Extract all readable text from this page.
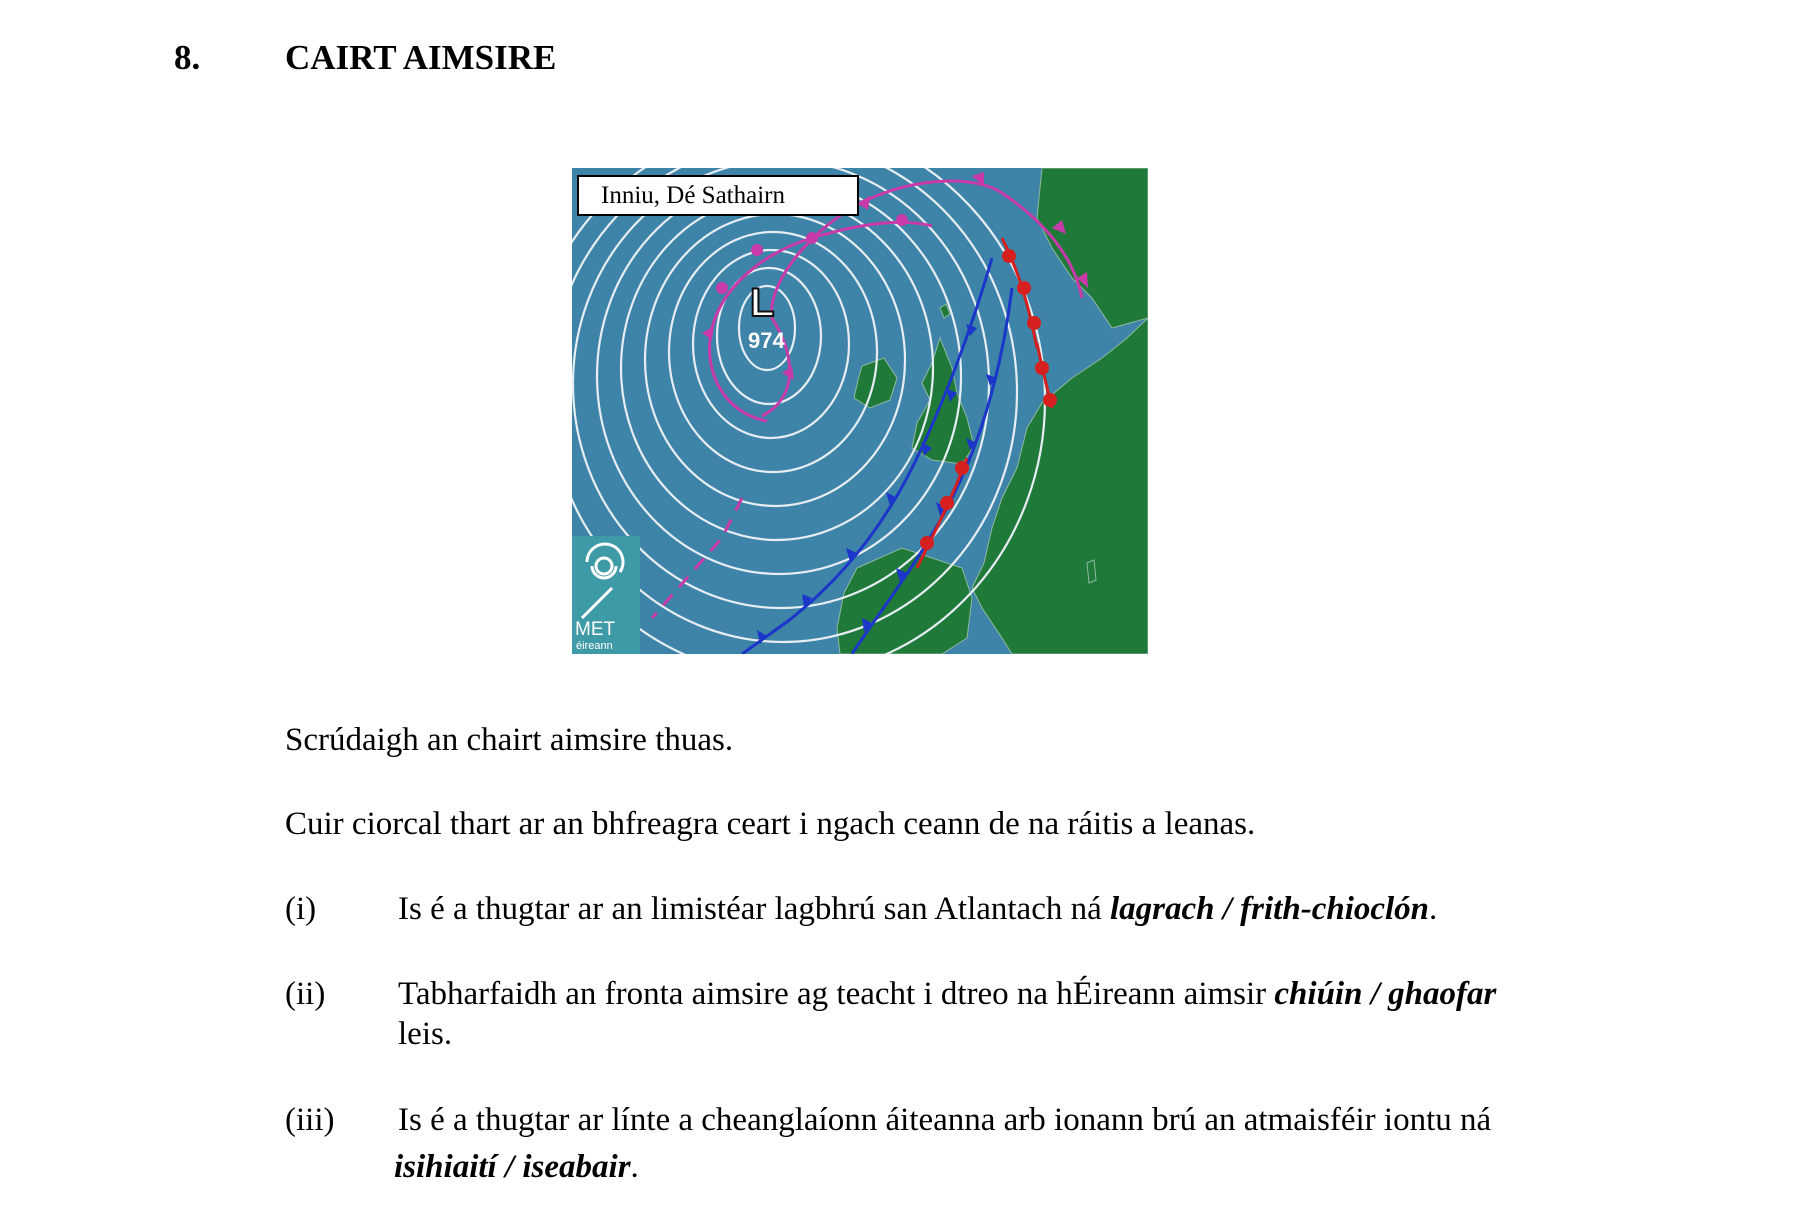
8. CAIRT AIMSIRE
L
974
MET
éireann
Inniu, Dé Sathairn
Scrúdaigh an chairt aimsire thuas.
Cuir ciorcal thart ar an bhfreagra ceart i ngach ceann de na ráitis a leanas.
(i) Is é a thugtar ar an limistéar lagbhrú san Atlantach ná lagrach / frith-chioclón.
(ii) Tabharfaidh an fronta aimsire ag teacht i dtreo na hÉireann aimsir chiúin / ghaofar
leis.
(iii) Is é a thugtar ar línte a cheanglaíonn áiteanna arb ionann brú an atmaisféir iontu ná
isihiaití / iseabair.
